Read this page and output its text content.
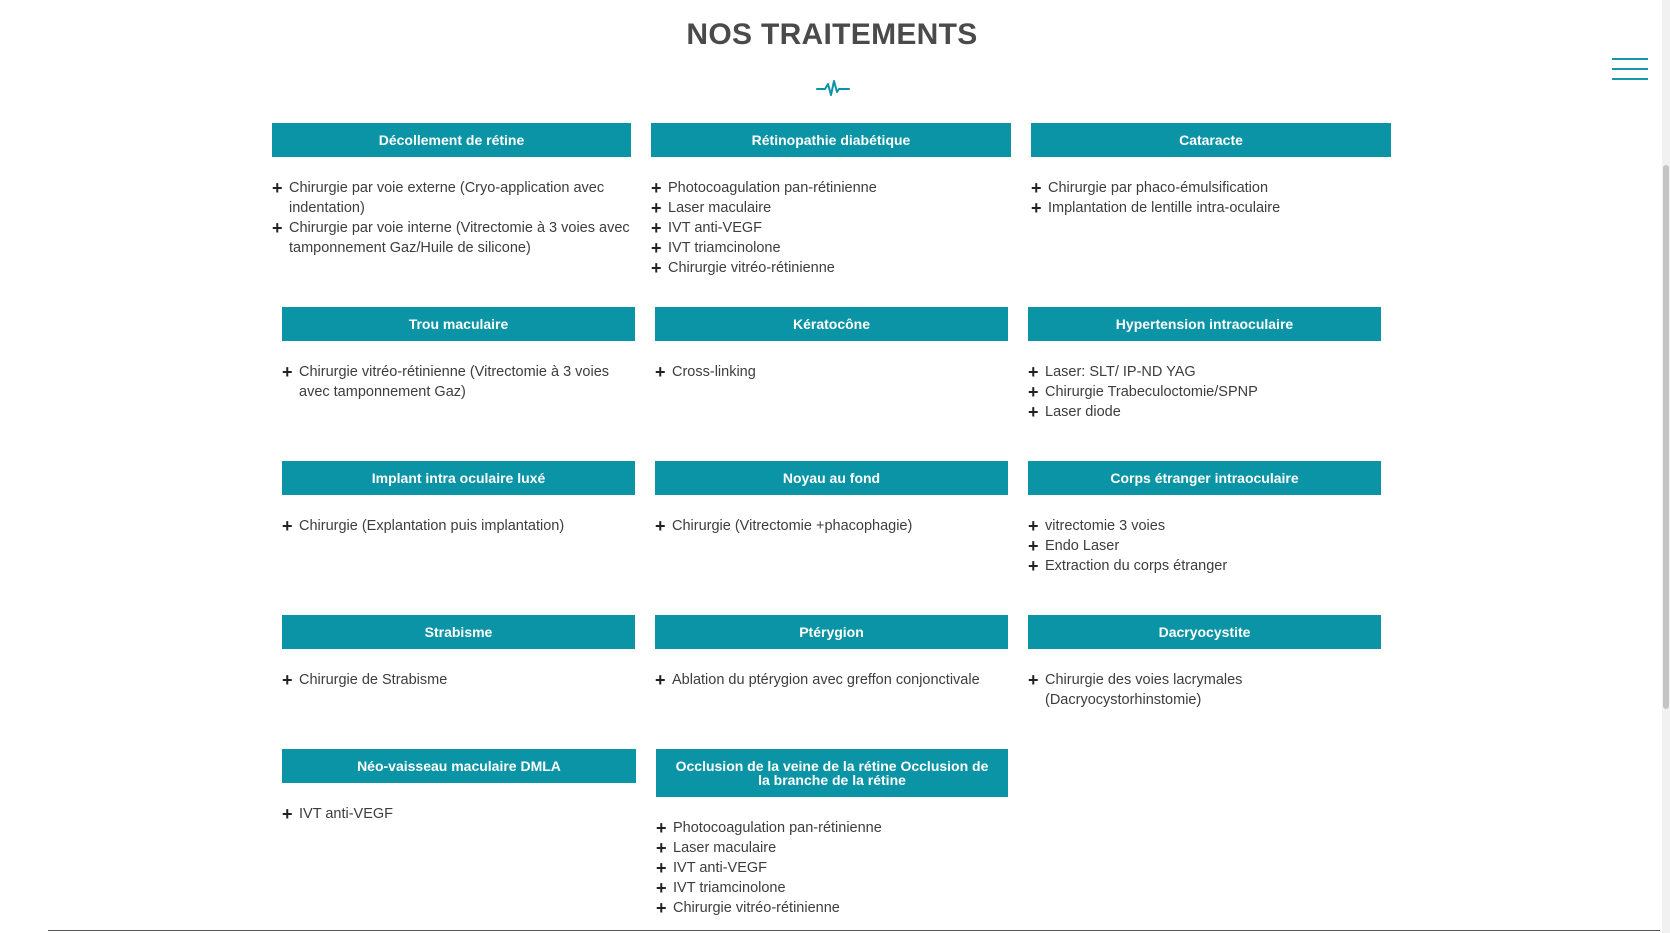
NOS TRAITEMENTS
Décollement de rétine
+ Chirurgie par voie externe (Cryo-application avec indentation)
+ Chirurgie par voie interne (Vitrectomie à 3 voies avec tamponnement Gaz/Huile de silicone)
Rétinopathie diabétique
+ Photocoagulation pan-rétinienne
+ Laser maculaire
+ IVT anti-VEGF
+ IVT triamcinolone
+ Chirurgie vitréo-rétinienne
Cataracte
+ Chirurgie par phaco-émulsification
+ Implantation de lentille intra-oculaire
Trou maculaire
+ Chirurgie vitréo-rétinienne (Vitrectomie à 3 voies avec tamponnement Gaz)
Kératocône
+ Cross-linking
Hypertension intraoculaire
+ Laser: SLT/ IP-ND YAG
+ Chirurgie Trabeculoctomie/SPNP
+ Laser diode
Implant intra oculaire luxé
+ Chirurgie (Explantation puis implantation)
Noyau au fond
+ Chirurgie (Vitrectomie +phacophagie)
Corps étranger intraoculaire
+ vitrectomie 3 voies
+ Endo Laser
+ Extraction du corps étranger
Strabisme
+ Chirurgie de Strabisme
Ptérygion
+ Ablation du ptérygion avec greffon conjonctivale
Dacryocystite
+ Chirurgie des voies lacrymales (Dacryocystorhinstomie)
Néo-vaisseau maculaire DMLA
+ IVT anti-VEGF
Occlusion de la veine de la rétine Occlusion de la branche de la rétine
+ Photocoagulation pan-rétinienne
+ Laser maculaire
+ IVT anti-VEGF
+ IVT triamcinolone
+ Chirurgie vitréo-rétinienne
